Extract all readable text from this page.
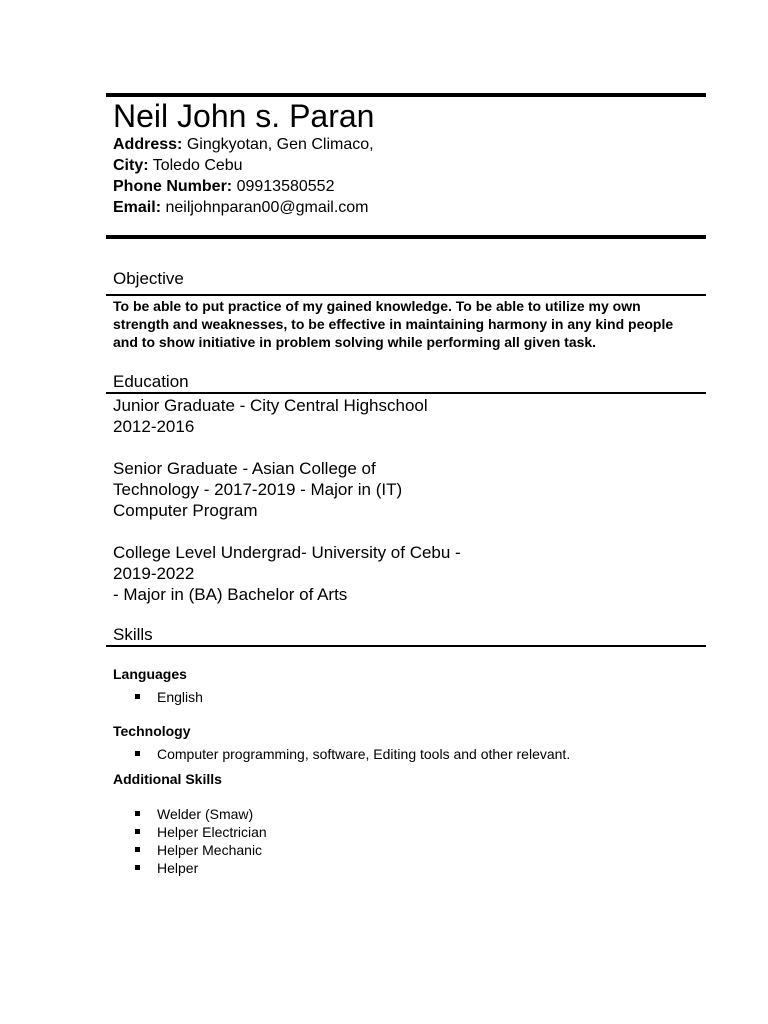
Neil John s. Paran
Address: Gingkyotan, Gen Climaco,
City: Toledo Cebu
Phone Number: 09913580552
Email: neiljohnparan00@gmail.com
Objective
To be able to put practice of my gained knowledge. To be able to utilize my own strength and weaknesses, to be effective in maintaining harmony in any kind people and to show initiative in problem solving while performing all given task.
Education
Junior Graduate - City Central Highschool
2012-2016
Senior Graduate - Asian College of
Technology - 2017-2019 - Major in (IT)
Computer Program
College Level Undergrad- University of Cebu -
2019-2022
- Major in (BA) Bachelor of Arts
Skills
Languages
English
Technology
Computer programming, software, Editing tools and other relevant.
Additional Skills
Welder (Smaw)
Helper Electrician
Helper Mechanic
Helper
